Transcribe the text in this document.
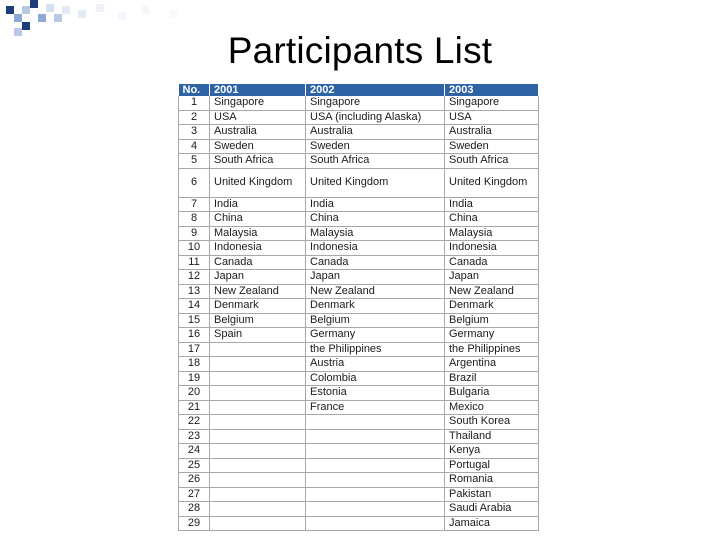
Participants List
No.	2001	2002	2003
1	Singapore	Singapore	Singapore
2	USA	USA (including Alaska)	USA
3	Australia	Australia	Australia
4	Sweden	Sweden	Sweden
5	South Africa	South Africa	South Africa
6	United Kingdom	United Kingdom	United Kingdom
7	India	India	India
8	China	China	China
9	Malaysia	Malaysia	Malaysia
10	Indonesia	Indonesia	Indonesia
11	Canada	Canada	Canada
12	Japan	Japan	Japan
13	New Zealand	New Zealand	New Zealand
14	Denmark	Denmark	Denmark
15	Belgium	Belgium	Belgium
16	Spain	Germany	Germany
17		the Philippines	the Philippines
18		Austria	Argentina
19		Colombia	Brazil
20		Estonia	Bulgaria
21		France	Mexico
22			South Korea
23			Thailand
24			Kenya
25			Portugal
26			Romania
27			Pakistan
28			Saudi Arabia
29			Jamaica
